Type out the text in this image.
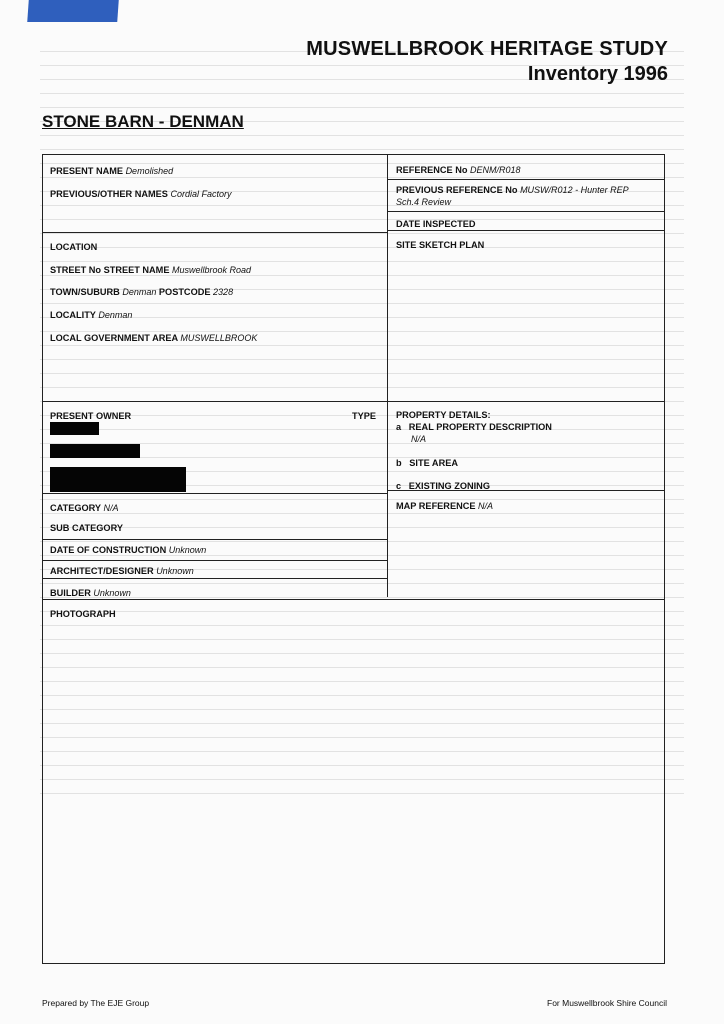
MUSWELLBROOK HERITAGE STUDY
Inventory 1996
STONE BARN - DENMAN
PRESENT NAME Demolished
PREVIOUS/OTHER NAMES Cordial Factory
LOCATION
STREET No STREET NAME Muswellbrook Road
TOWN/SUBURB Denman POSTCODE 2328
LOCALITY Denman
LOCAL GOVERNMENT AREA MUSWELLBROOK
PRESENT OWNER	TYPE
CATEGORY N/A
SUB CATEGORY
DATE OF CONSTRUCTION Unknown
ARCHITECT/DESIGNER Unknown
BUILDER Unknown
PHOTOGRAPH
REFERENCE No DENM/R018
PREVIOUS REFERENCE No MUSW/R012 - Hunter REP
Sch.4 Review
DATE INSPECTED
SITE SKETCH PLAN
PROPERTY DETAILS:
a REAL PROPERTY DESCRIPTION
N/A
b SITE AREA
c EXISTING ZONING
MAP REFERENCE N/A
Prepared by The EJE Group	For Muswellbrook Shire Council
